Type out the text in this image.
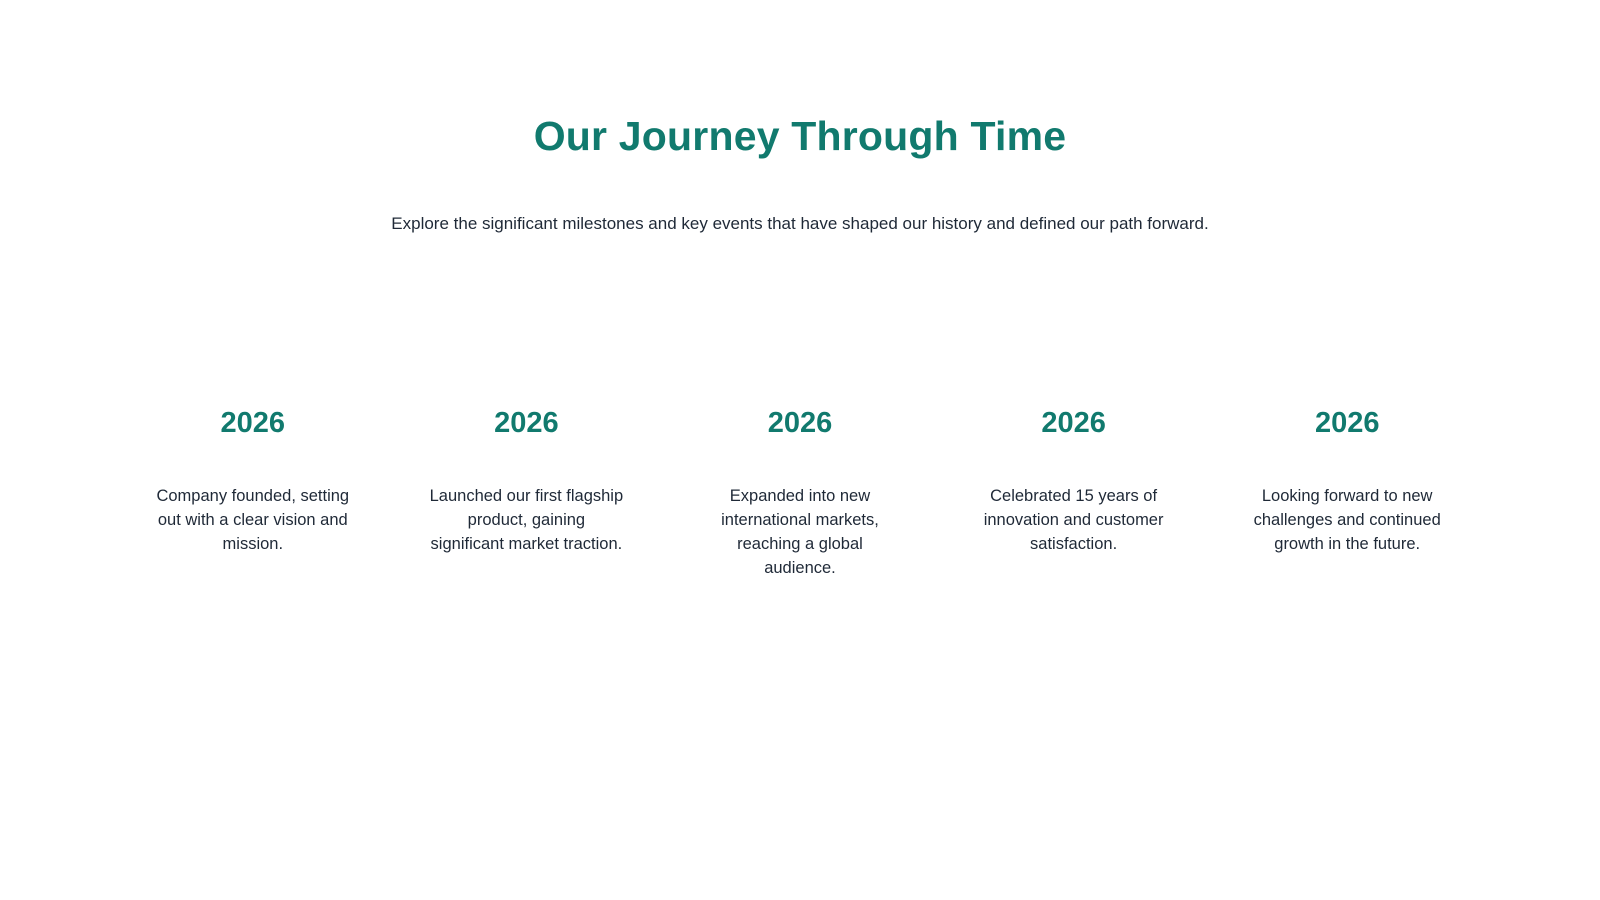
Our Journey Through Time

Explore the significant milestones and key events that have shaped our history and defined our path forward.

2026

Company founded, setting out with a clear vision and mission.

2026

Launched our first flagship product, gaining significant market traction.

2026

Expanded into new international markets, reaching a global audience.

2026

Celebrated 15 years of innovation and customer satisfaction.

2026

Looking forward to new challenges and continued growth in the future.
